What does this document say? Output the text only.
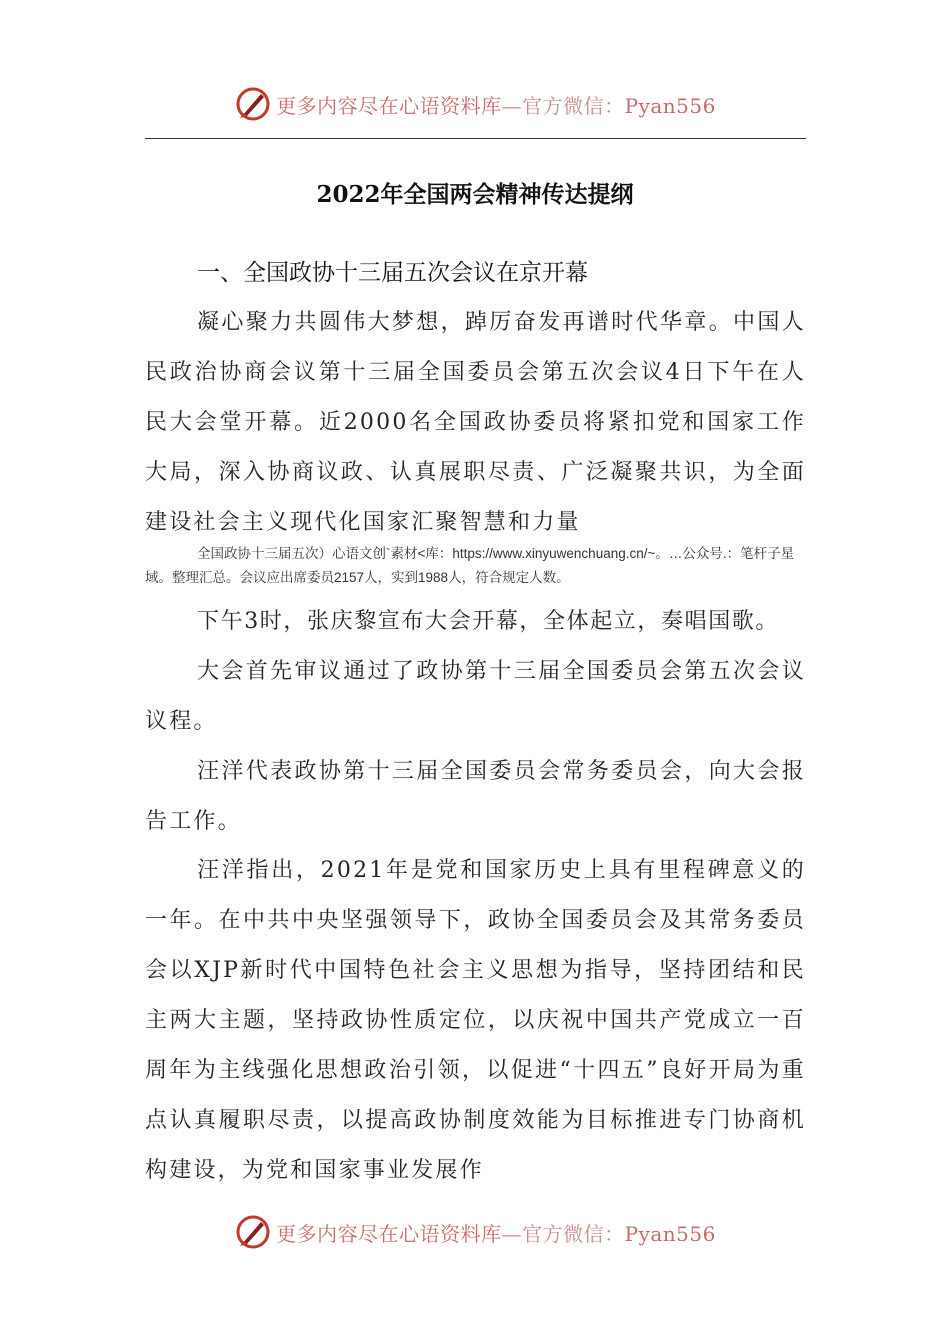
更多内容尽在心语资料库—官方微信：Pyan556
2022年全国两会精神传达提纲
一、全国政协十三届五次会议在京开幕

凝心聚力共圆伟大梦想，踔厉奋发再谱时代华章。中国人民政治协商会议第十三届全国委员会第五次会议4日下午在人民大会堂开幕。近2000名全国政协委员将紧扣党和国家工作大局，深入协商议政、认真展职尽责、广泛凝聚共识，为全面建设社会主义现代化国家汇聚智慧和力量

全国政协十三届五次）心语文创`素材<库：https://www.xinyuwenchuang.cn/~。…公众号.：笔杆子星域。整理汇总。会议应出席委员2157人，实到1988人，符合规定人数。

下午3时，张庆黎宣布大会开幕，全体起立，奏唱国歌。

大会首先审议通过了政协第十三届全国委员会第五次会议议程。

汪洋代表政协第十三届全国委员会常务委员会，向大会报告工作。

汪洋指出，2021年是党和国家历史上具有里程碑意义的一年。在中共中央坚强领导下，政协全国委员会及其常务委员会以XJP新时代中国特色社会主义思想为指导，坚持团结和民主两大主题，坚持政协性质定位，以庆祝中国共产党成立一百周年为主线强化思想政治引领，以促进“十四五”良好开局为重点认真履职尽责，以提高政协制度效能为目标推进专门协商机构建设，为党和国家事业发展作

更多内容尽在心语资料库—官方微信：Pyan556
